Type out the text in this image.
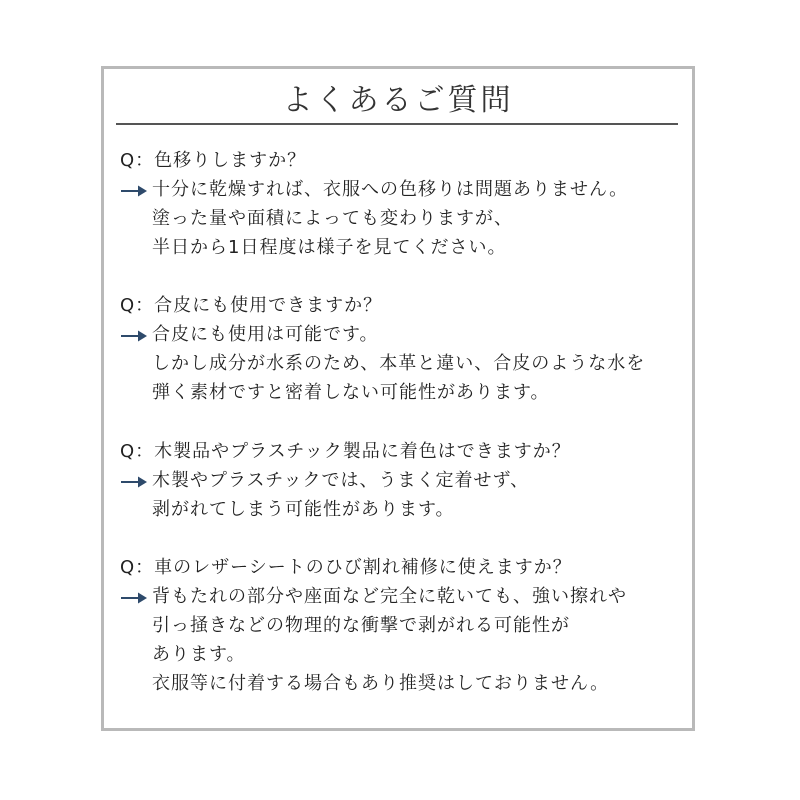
よくあるご質問
Q：色移りしますか？
十分に乾燥すれば、衣服への色移りは問題ありません。
塗った量や面積によっても変わりますが、
半日から1日程度は様子を見てください。
Q：合皮にも使用できますか？
合皮にも使用は可能です。
しかし成分が水系のため、本革と違い、合皮のような水を
弾く素材ですと密着しない可能性があります。
Q：木製品やプラスチック製品に着色はできますか？
木製やプラスチックでは、うまく定着せず、
剥がれてしまう可能性があります。
Q：車のレザーシートのひび割れ補修に使えますか？
背もたれの部分や座面など完全に乾いても、強い擦れや
引っ掻きなどの物理的な衝撃で剥がれる可能性が
あります。
衣服等に付着する場合もあり推奨はしておりません。
